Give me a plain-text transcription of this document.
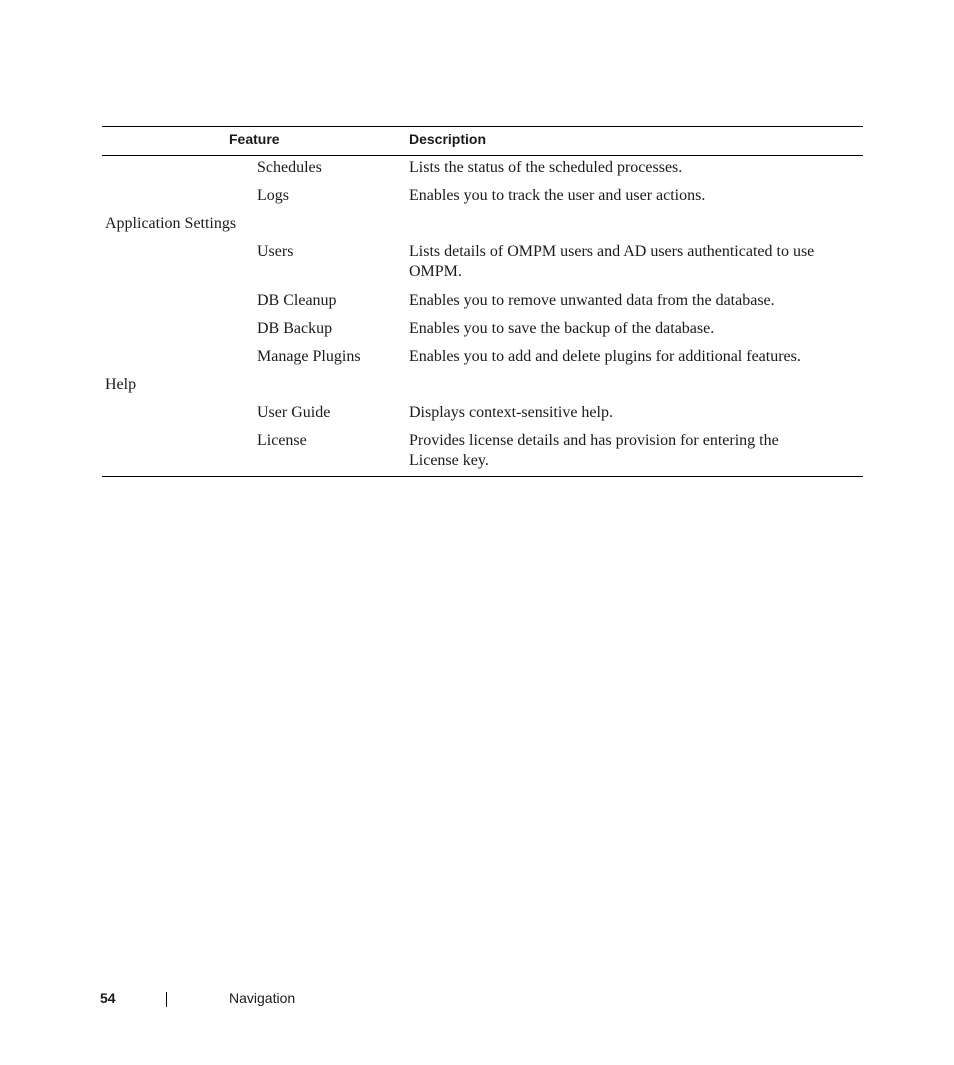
Feature	Description
Schedules	Lists the status of the scheduled processes.
Logs	Enables you to track the user and user actions.
Application Settings
Users	Lists details of OMPM users and AD users authenticated to use OMPM.
DB Cleanup	Enables you to remove unwanted data from the database.
DB Backup	Enables you to save the backup of the database.
Manage Plugins	Enables you to add and delete plugins for additional features.
Help
User Guide	Displays context-sensitive help.
License	Provides license details and has provision for entering the License key.
54	Navigation
